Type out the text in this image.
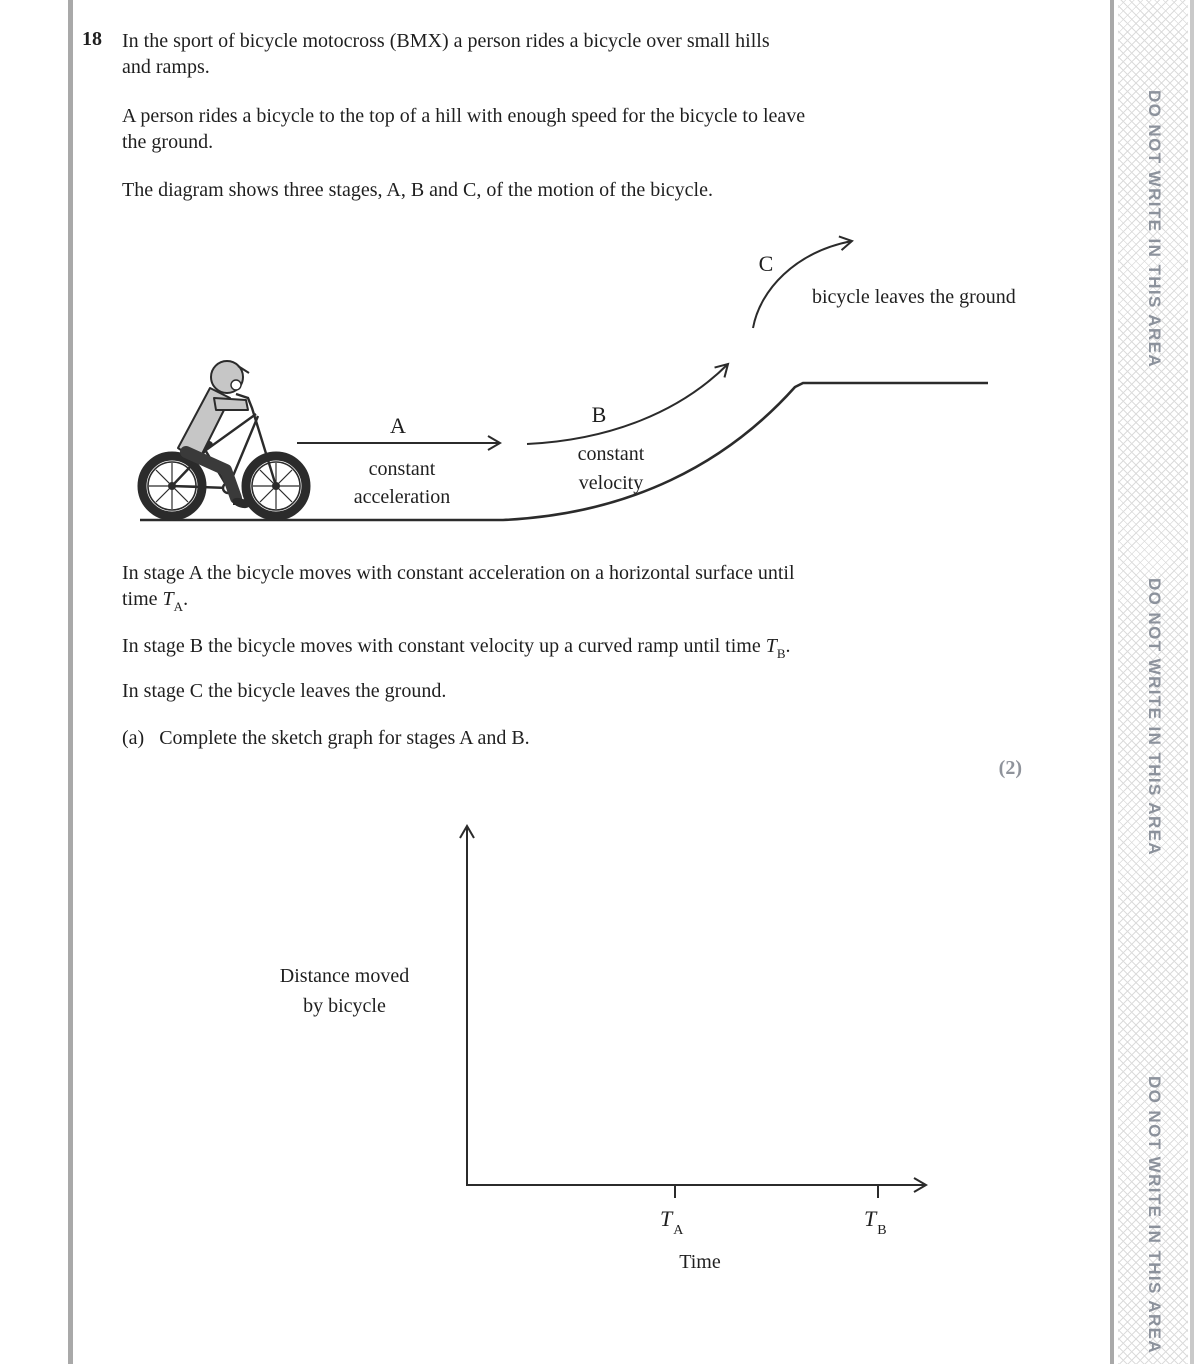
DO NOT WRITE IN THIS AREA
DO NOT WRITE IN THIS AREA
DO NOT WRITE IN THIS AREA
18 In the sport of bicycle motocross (BMX) a person rides a bicycle over small hills
and ramps.
A person rides a bicycle to the top of a hill with enough speed for the bicycle to leave
the ground.
The diagram shows three stages, A, B and C, of the motion of the bicycle.
A
constant
acceleration
B
constant
velocity
C
bicycle leaves the ground
In stage A the bicycle moves with constant acceleration on a horizontal surface until
time $T_A$.
In stage B the bicycle moves with constant velocity up a curved ramp until time $T_B$.
In stage C the bicycle leaves the ground.
(a) Complete the sketch graph for stages A and B.
(2)
Distance moved
by bicycle
$T_A$	$T_B$
Time
